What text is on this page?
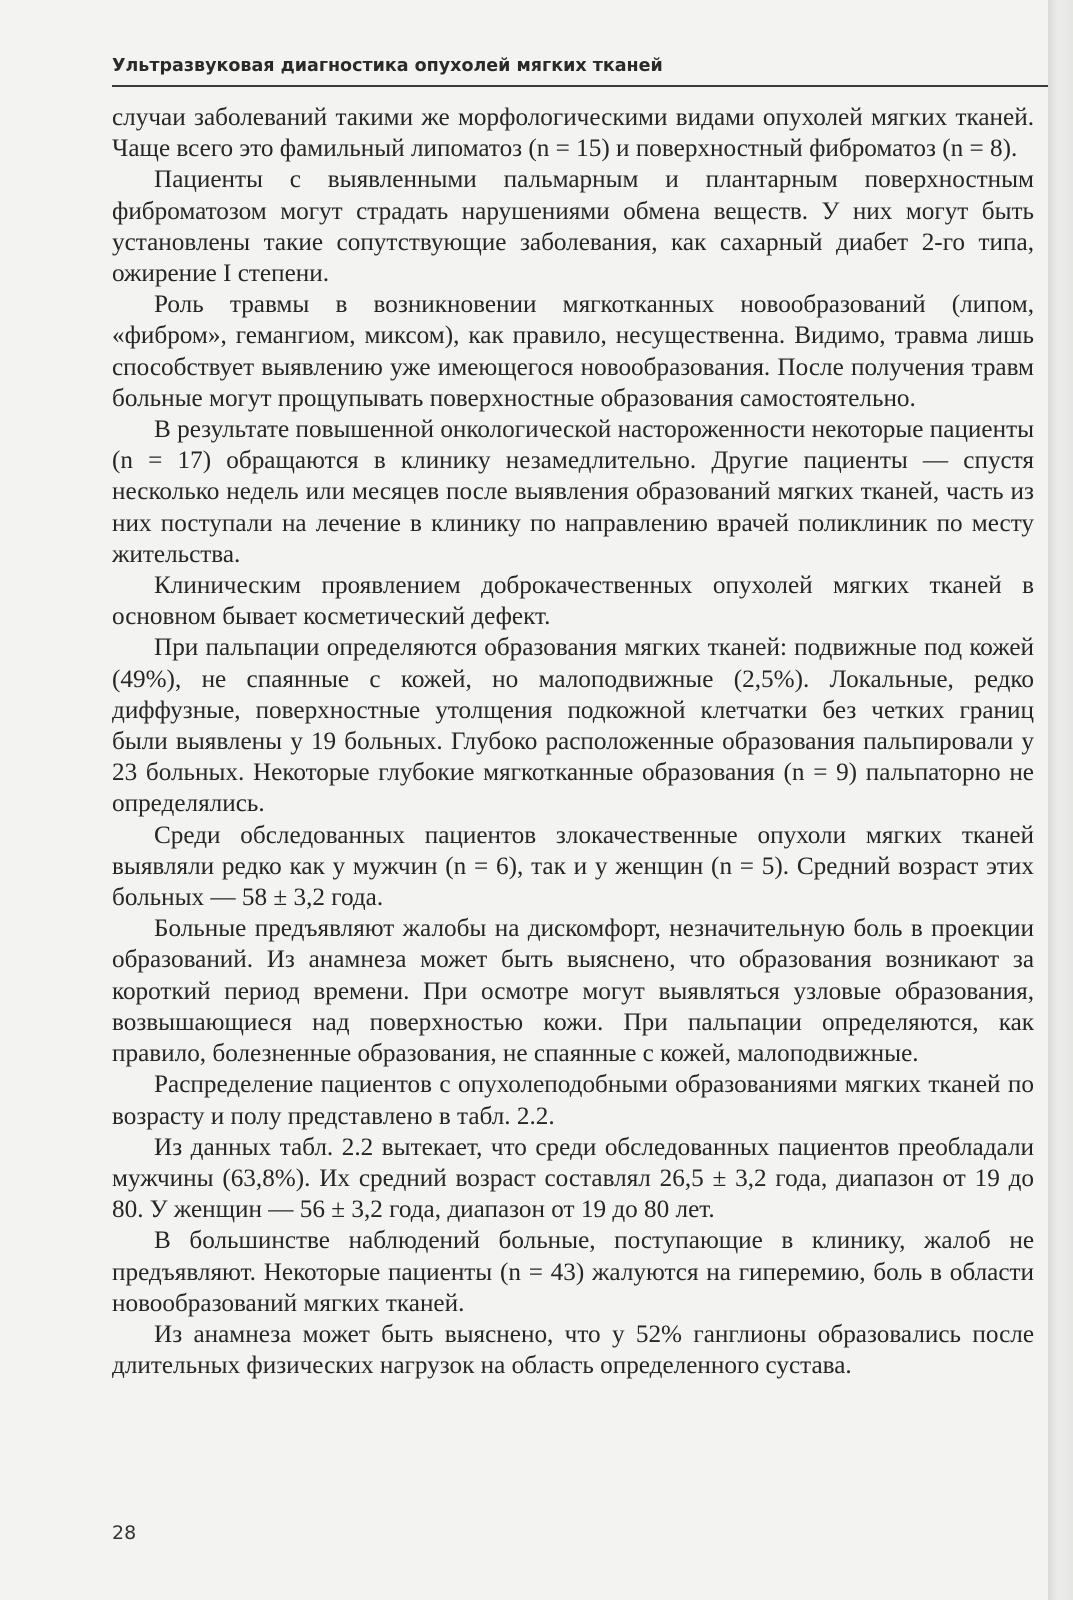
Ультразвуковая диагностика опухолей мягких тканей

случаи заболеваний такими же морфологическими видами опухолей мягких тканей. Чаще всего это фамильный липоматоз (n = 15) и поверхностный фиброматоз (n = 8).

Пациенты с выявленными пальмарным и плантарным поверхностным фиброматозом могут страдать нарушениями обмена веществ. У них могут быть установлены такие сопутствующие заболевания, как сахарный диабет 2-го типа, ожирение I степени.

Роль травмы в возникновении мягкотканных новообразований (липом, «фибром», гемангиом, миксом), как правило, несущественна. Видимо, травма лишь способствует выявлению уже имеющегося новообразования. После получения травм больные могут прощупывать поверхностные образования самостоятельно.

В результате повышенной онкологической настороженности некоторые пациенты (n = 17) обращаются в клинику незамедлительно. Другие пациенты — спустя несколько недель или месяцев после выявления образований мягких тканей, часть из них поступали на лечение в клинику по направлению врачей поликлиник по месту жительства.

Клиническим проявлением доброкачественных опухолей мягких тканей в основном бывает косметический дефект.

При пальпации определяются образования мягких тканей: подвижные под кожей (49%), не спаянные с кожей, но малоподвижные (2,5%). Локальные, редко диффузные, поверхностные утолщения подкожной клетчатки без четких границ были выявлены у 19 больных. Глубоко расположенные образования пальпировали у 23 больных. Некоторые глубокие мягкотканные образования (n = 9) пальпаторно не определялись.

Среди обследованных пациентов злокачественные опухоли мягких тканей выявляли редко как у мужчин (n = 6), так и у женщин (n = 5). Средний возраст этих больных — 58 ± 3,2 года.

Больные предъявляют жалобы на дискомфорт, незначительную боль в проекции образований. Из анамнеза может быть выяснено, что образования возникают за короткий период времени. При осмотре могут выявляться узловые образования, возвышающиеся над поверхностью кожи. При пальпации определяются, как правило, болезненные образования, не спаянные с кожей, малоподвижные.

Распределение пациентов с опухолеподобными образованиями мягких тканей по возрасту и полу представлено в табл. 2.2.

Из данных табл. 2.2 вытекает, что среди обследованных пациентов преобладали мужчины (63,8%). Их средний возраст составлял 26,5 ± 3,2 года, диапазон от 19 до 80. У женщин — 56 ± 3,2 года, диапазон от 19 до 80 лет.

В большинстве наблюдений больные, поступающие в клинику, жалоб не предъявляют. Некоторые пациенты (n = 43) жалуются на гиперемию, боль в области новообразований мягких тканей.

Из анамнеза может быть выяснено, что у 52% ганглионы образовались после длительных физических нагрузок на область определенного сустава.

28
